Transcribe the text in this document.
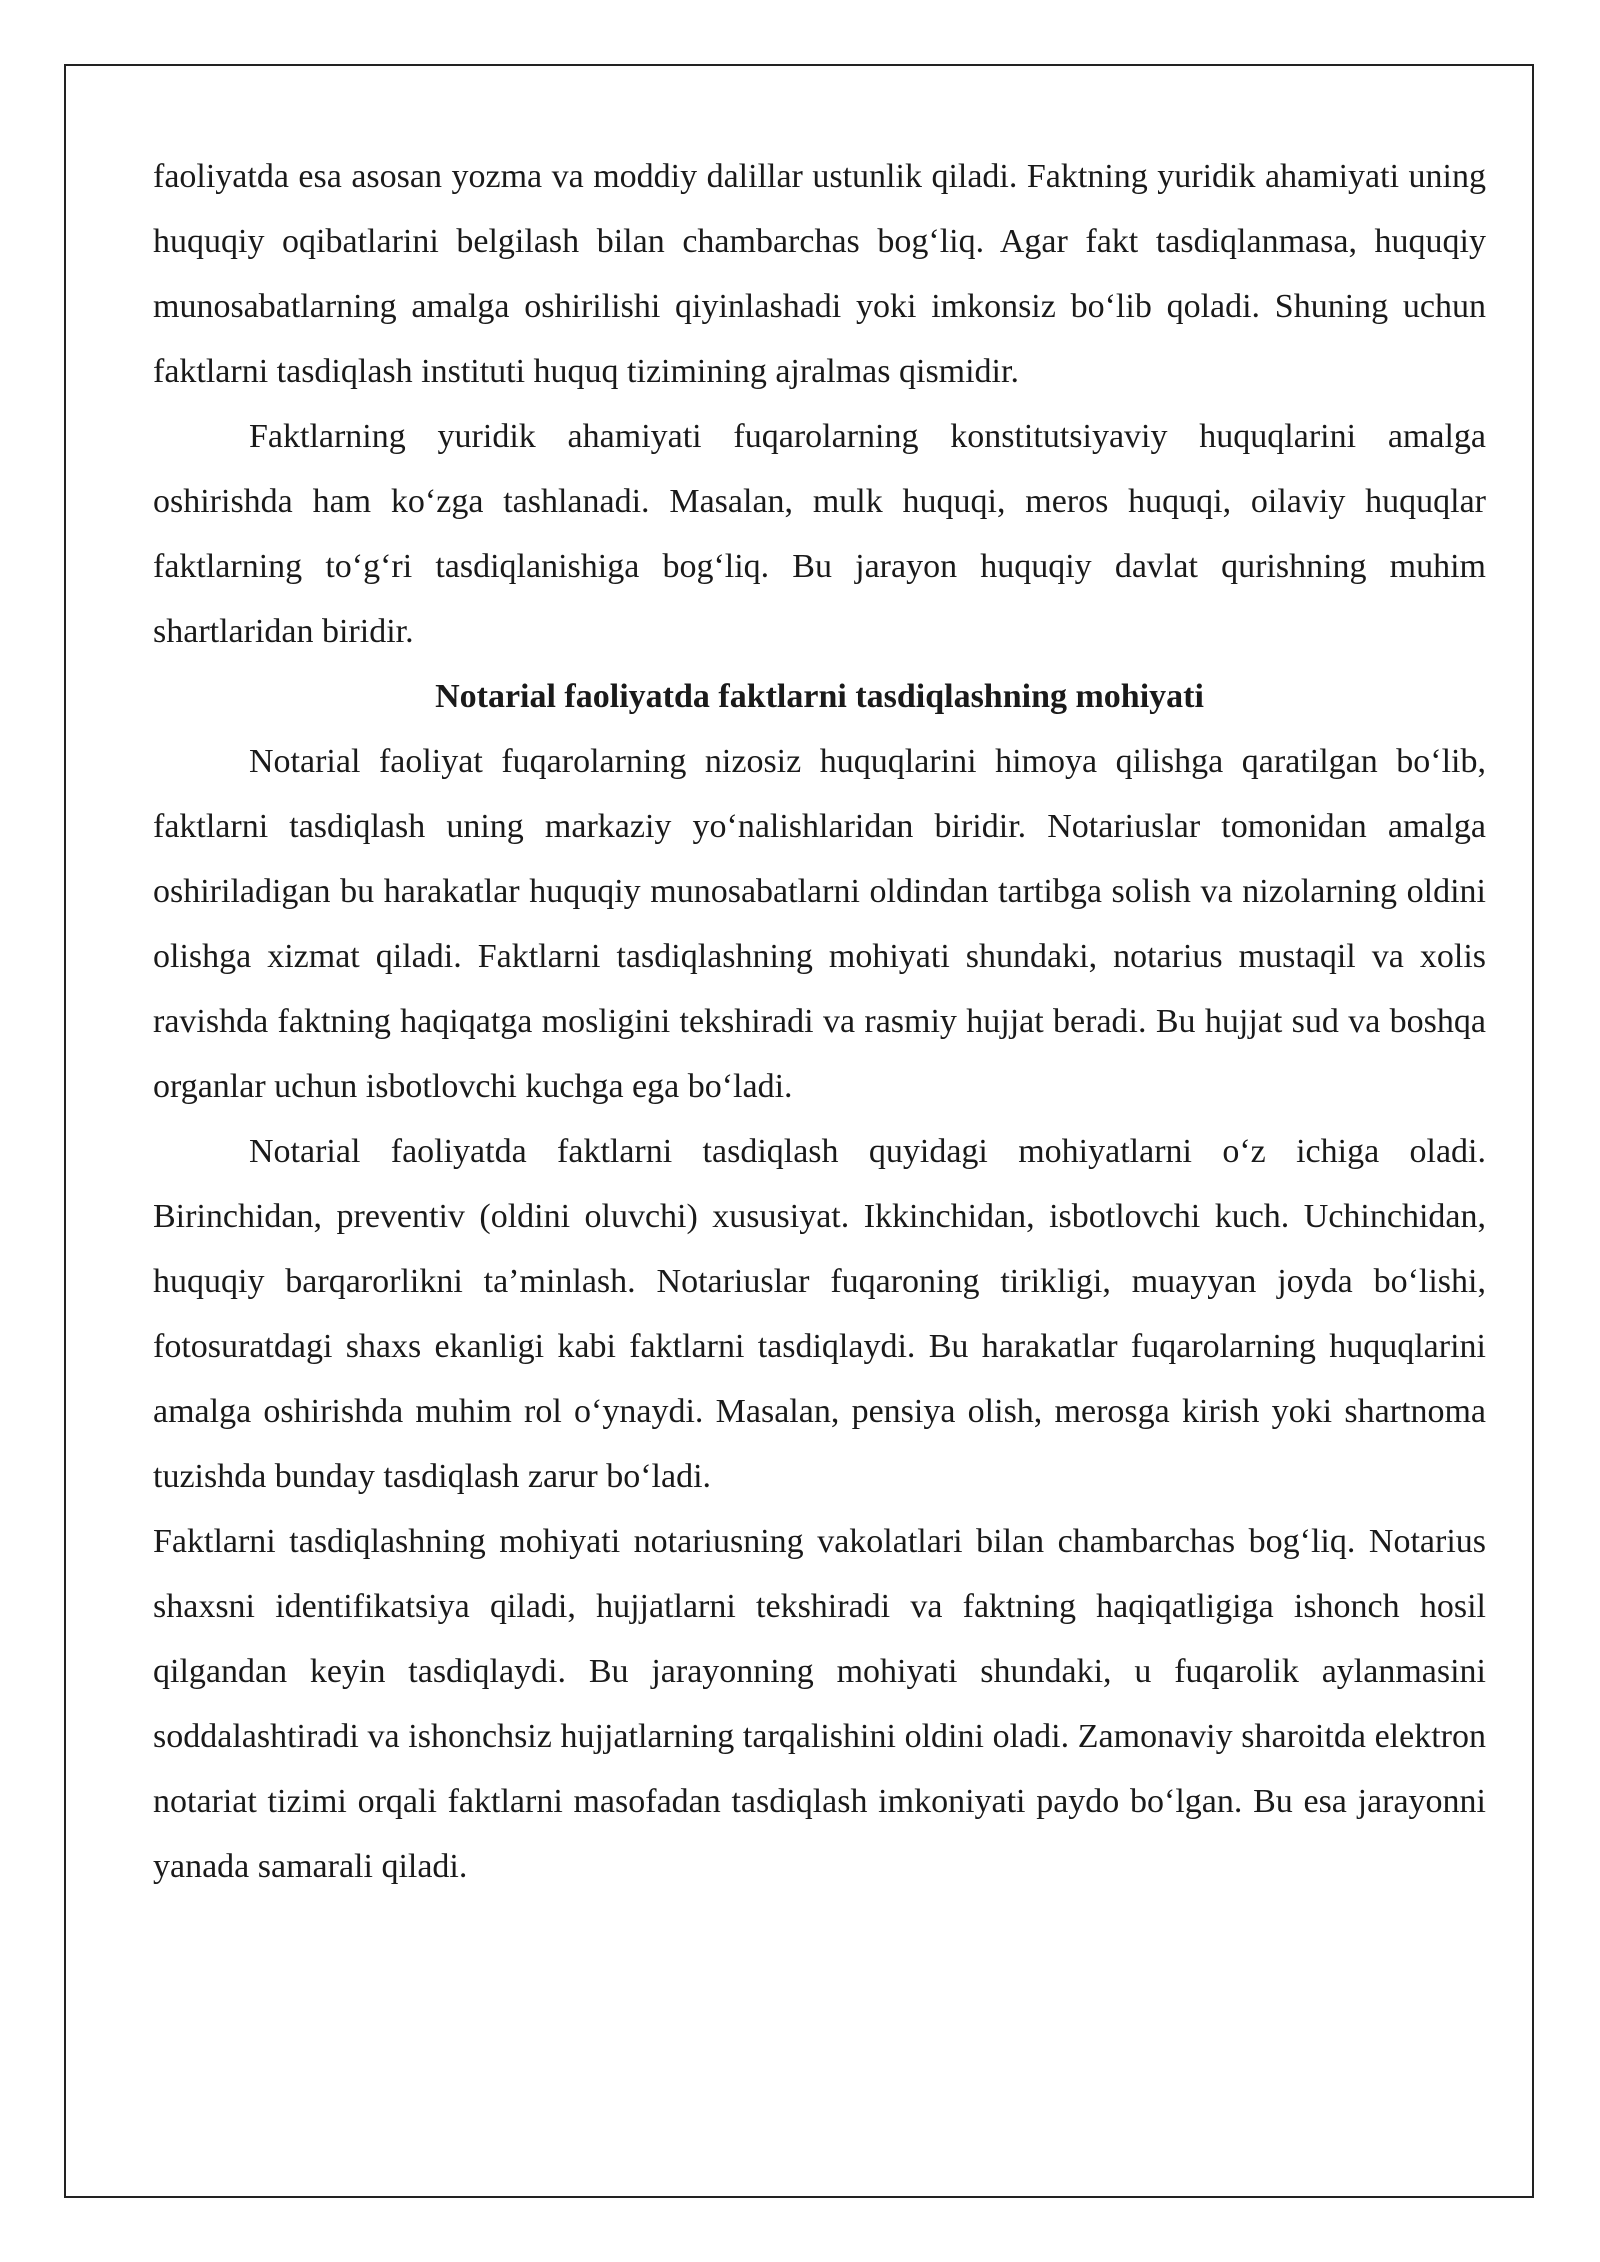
faoliyatda esa asosan yozma va moddiy dalillar ustunlik qiladi. Faktning yuridik ahamiyati uning huquqiy oqibatlarini belgilash bilan chambarchas bog‘liq. Agar fakt tasdiqlanmasa, huquqiy munosabatlarning amalga oshirilishi qiyinlashadi yoki imkonsiz bo‘lib qoladi. Shuning uchun faktlarni tasdiqlash instituti huquq tizimining ajralmas qismidir.

Faktlarning yuridik ahamiyati fuqarolarning konstitutsiyaviy huquqlarini amalga oshirishda ham ko‘zga tashlanadi. Masalan, mulk huquqi, meros huquqi, oilaviy huquqlar faktlarning to‘g‘ri tasdiqlanishiga bog‘liq. Bu jarayon huquqiy davlat qurishning muhim shartlaridan biridir.

Notarial faoliyatda faktlarni tasdiqlashning mohiyati

Notarial faoliyat fuqarolarning nizosiz huquqlarini himoya qilishga qaratilgan bo‘lib, faktlarni tasdiqlash uning markaziy yo‘nalishlaridan biridir. Notariuslar tomonidan amalga oshiriladigan bu harakatlar huquqiy munosabatlarni oldindan tartibga solish va nizolarning oldini olishga xizmat qiladi. Faktlarni tasdiqlashning mohiyati shundaki, notarius mustaqil va xolis ravishda faktning haqiqatga mosligini tekshiradi va rasmiy hujjat beradi. Bu hujjat sud va boshqa organlar uchun isbotlovchi kuchga ega bo‘ladi.

Notarial faoliyatda faktlarni tasdiqlash quyidagi mohiyatlarni o‘z ichiga oladi. Birinchidan, preventiv (oldini oluvchi) xususiyat. Ikkinchidan, isbotlovchi kuch. Uchinchidan, huquqiy barqarorlikni ta’minlash. Notariuslar fuqaroning tirikligi, muayyan joyda bo‘lishi, fotosuratdagi shaxs ekanligi kabi faktlarni tasdiqlaydi. Bu harakatlar fuqarolarning huquqlarini amalga oshirishda muhim rol o‘ynaydi. Masalan, pensiya olish, merosga kirish yoki shartnoma tuzishda bunday tasdiqlash zarur bo‘ladi.

Faktlarni tasdiqlashning mohiyati notariusning vakolatlari bilan chambarchas bog‘liq. Notarius shaxsni identifikatsiya qiladi, hujjatlarni tekshiradi va faktning haqiqatligiga ishonch hosil qilgandan keyin tasdiqlaydi. Bu jarayonning mohiyati shundaki, u fuqarolik aylanmasini soddalashtiradi va ishonchsiz hujjatlarning tarqalishini oldini oladi. Zamonaviy sharoitda elektron notariat tizimi orqali faktlarni masofadan tasdiqlash imkoniyati paydo bo‘lgan. Bu esa jarayonni yanada samarali qiladi.
